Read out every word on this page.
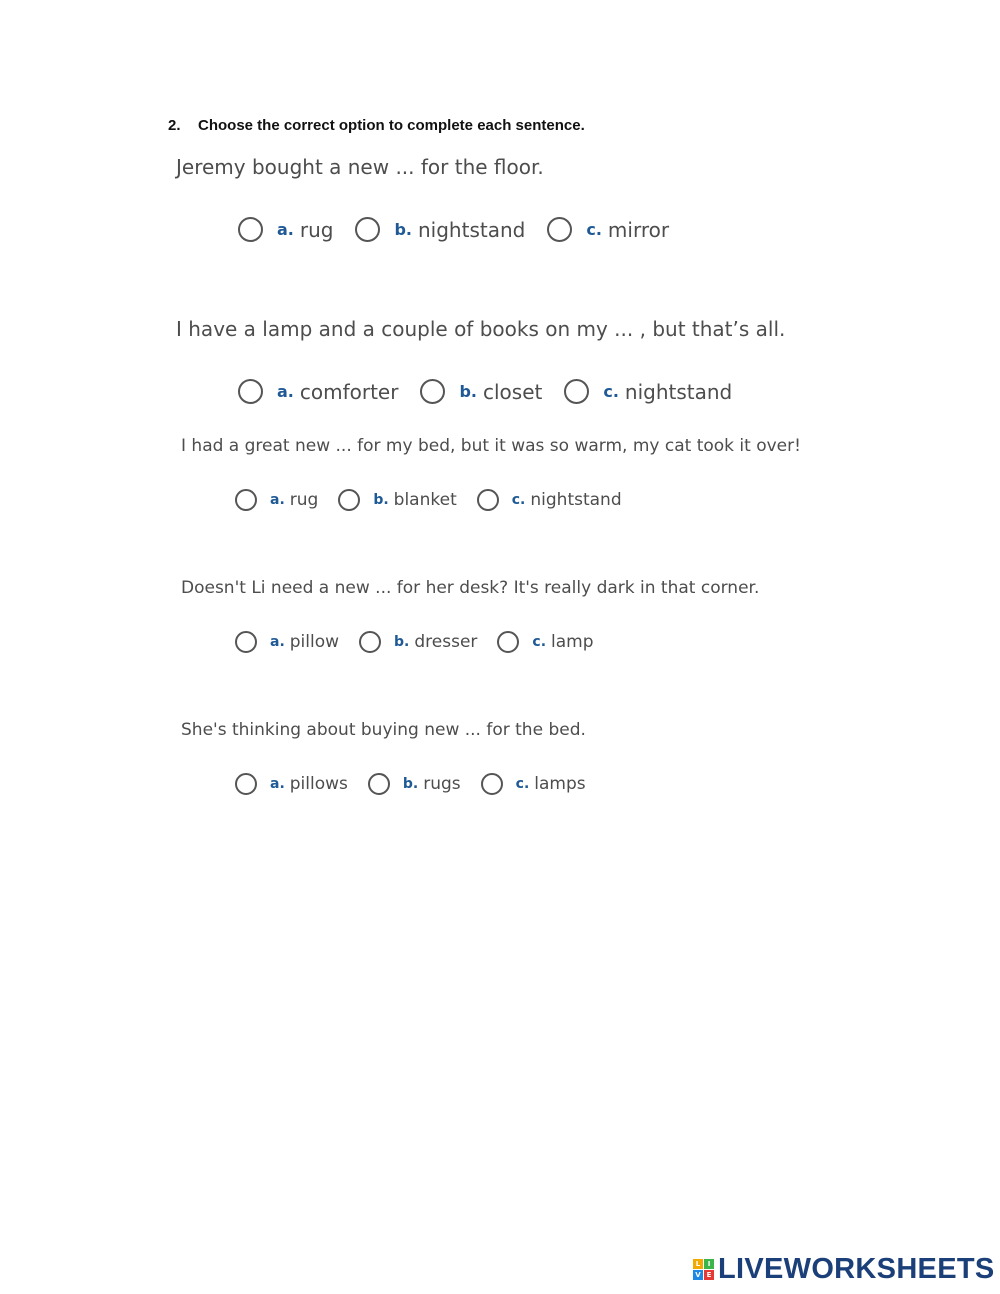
2. Choose the correct option to complete each sentence.
Jeremy bought a new ... for the floor.
a. rug	b. nightstand	c. mirror
I have a lamp and a couple of books on my ... , but that’s all.
a. comforter	b. closet	c. nightstand
I had a great new ... for my bed, but it was so warm, my cat took it over!
a. rug	b. blanket	c. nightstand
Doesn't Li need a new ... for her desk? It's really dark in that corner.
a. pillow	b. dresser	c. lamp
She's thinking about buying new ... for the bed.
a. pillows	b. rugs	c. lamps
L	I
V E LIVEWORKSHEETS
